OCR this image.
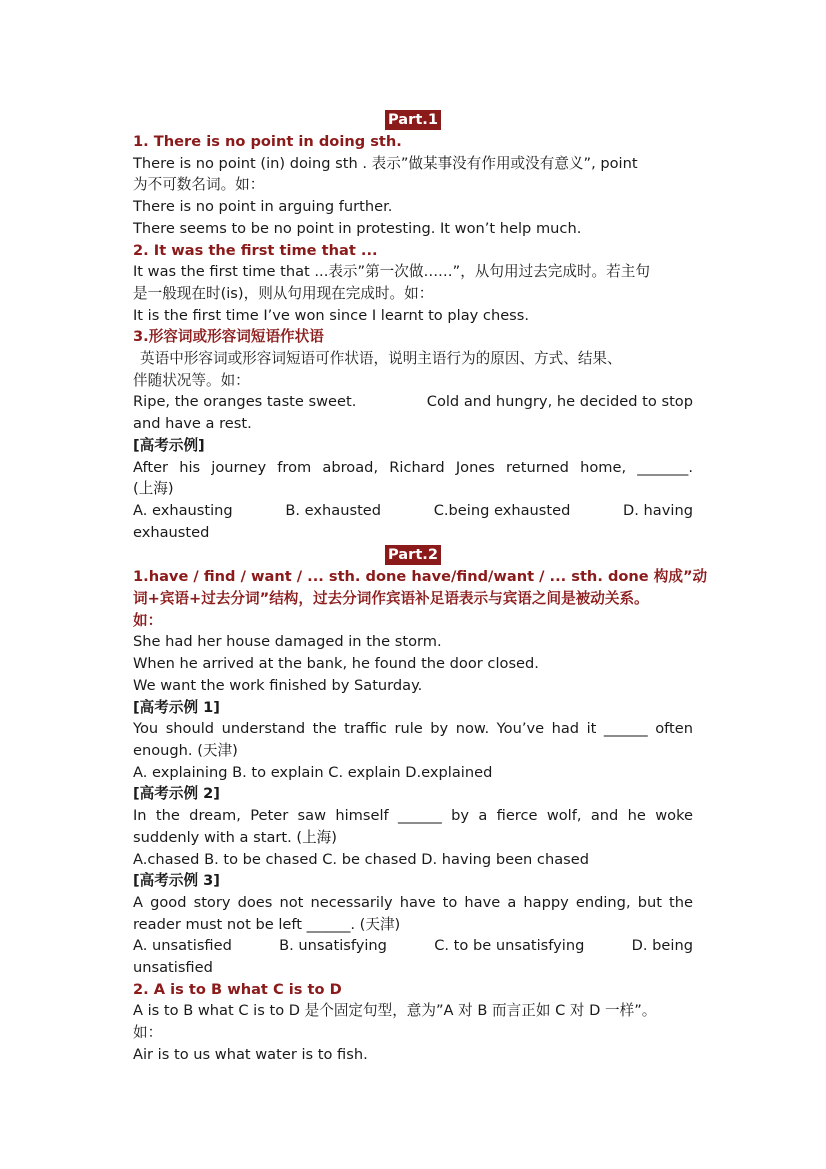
Part.1
1. There is no point in doing sth.
There is no point (in) doing sth . 表示”做某事没有作用或没有意义”, point
为不可数名词。如：
There is no point in arguing further.
There seems to be no point in protesting. It won’t help much.
2. It was the first time that ...
It was the first time that ...表示”第一次做……”，从句用过去完成时。若主句
是一般现在时(is)，则从句用现在完成时。如：
It is the first time I’ve won since I learnt to play chess.
3.形容词或形容词短语作状语
英语中形容词或形容词短语可作状语，说明主语行为的原因、方式、结果、
伴随状况等。如：
Ripe, the oranges taste sweet.	Cold and hungry, he decided to stop
and have a rest.
[高考示例]
After his journey from abroad, Richard Jones returned home, _______.
(上海)
A. exhausting	B. exhausted	C.being exhausted	D. having
exhausted
Part.2
1.have / find / want / ... sth. done have/find/want / ... sth. done 构成”动
词+宾语+过去分词”结构，过去分词作宾语补足语表示与宾语之间是被动关系。
如：
She had her house damaged in the storm.
When he arrived at the bank, he found the door closed.
We want the work finished by Saturday.
[高考示例 1]
You should understand the traffic rule by now. You’ve had it ______ often
enough. (天津)
A. explaining B. to explain C. explain D.explained
[高考示例 2]
In the dream, Peter saw himself ______ by a fierce wolf, and he woke
suddenly with a start. (上海)
A.chased B. to be chased C. be chased D. having been chased
[高考示例 3]
A good story does not necessarily have to have a happy ending, but the
reader must not be left ______. (天津)
A. unsatisfied	B. unsatisfying	C. to be unsatisfying	D. being
unsatisfied
2. A is to B what C is to D
A is to B what C is to D 是个固定句型，意为”A 对 B 而言正如 C 对 D 一样”。
如：
Air is to us what water is to fish.
